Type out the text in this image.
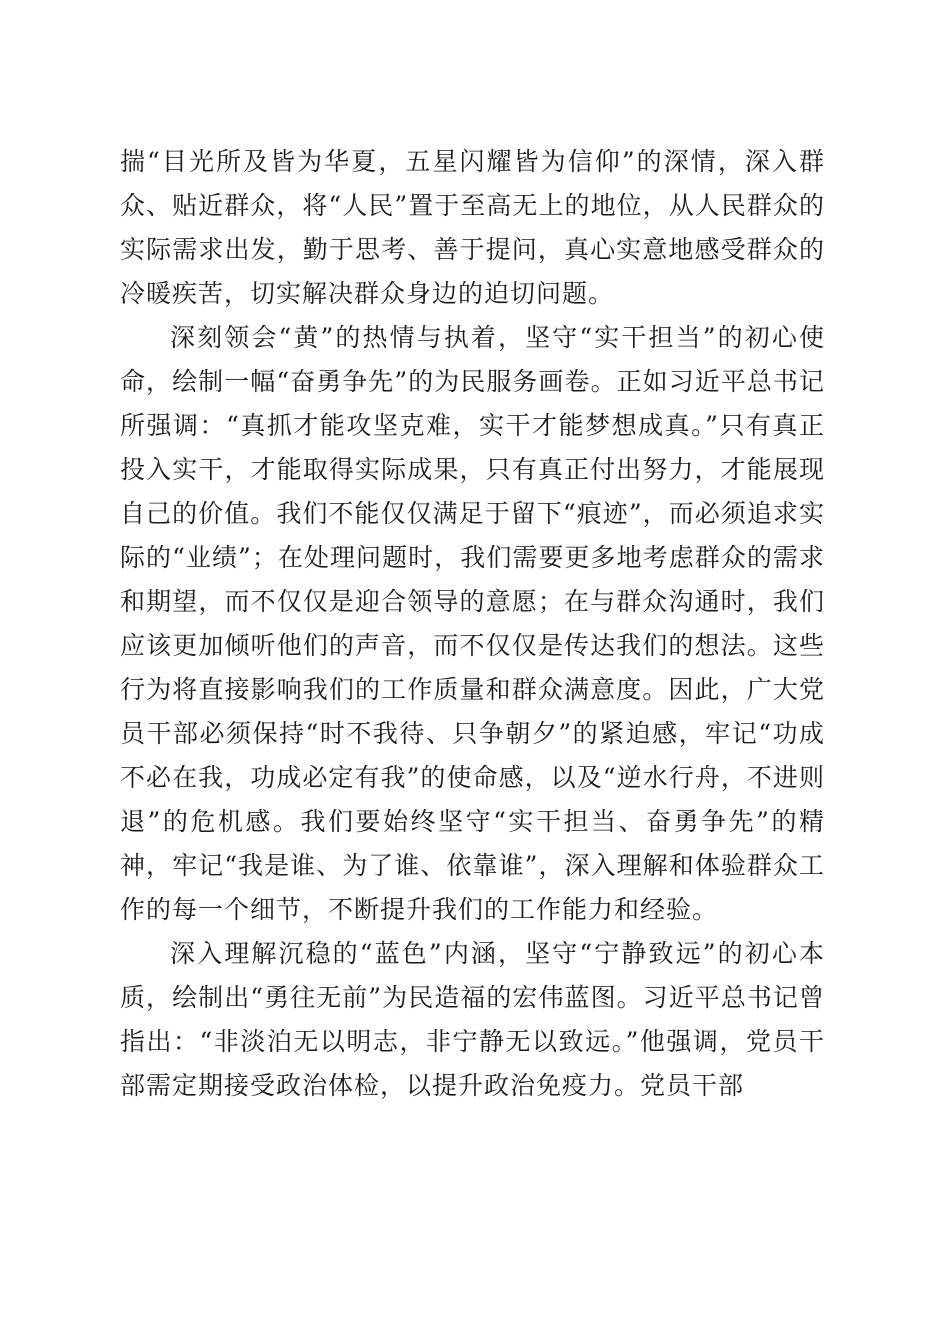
揣“目光所及皆为华夏，五星闪耀皆为信仰”的深情，深入群众、贴近群众，将“人民”置于至高无上的地位，从人民群众的实际需求出发，勤于思考、善于提问，真心实意地感受群众的冷暖疾苦，切实解决群众身边的迫切问题。

深刻领会“黄”的热情与执着，坚守“实干担当”的初心使命，绘制一幅“奋勇争先”的为民服务画卷。正如习近平总书记所强调：“真抓才能攻坚克难，实干才能梦想成真。”只有真正投入实干，才能取得实际成果，只有真正付出努力，才能展现自己的价值。我们不能仅仅满足于留下“痕迹”，而必须追求实际的“业绩”；在处理问题时，我们需要更多地考虑群众的需求和期望，而不仅仅是迎合领导的意愿；在与群众沟通时，我们应该更加倾听他们的声音，而不仅仅是传达我们的想法。这些行为将直接影响我们的工作质量和群众满意度。因此，广大党员干部必须保持“时不我待、只争朝夕”的紧迫感，牢记“功成不必在我，功成必定有我”的使命感，以及“逆水行舟，不进则退”的危机感。我们要始终坚守“实干担当、奋勇争先”的精神，牢记“我是谁、为了谁、依靠谁”，深入理解和体验群众工作的每一个细节，不断提升我们的工作能力和经验。

深入理解沉稳的“蓝色”内涵，坚守“宁静致远”的初心本质，绘制出“勇往无前”为民造福的宏伟蓝图。习近平总书记曾指出：“非淡泊无以明志，非宁静无以致远。”他强调，党员干部需定期接受政治体检，以提升政治免疫力。党员干部
